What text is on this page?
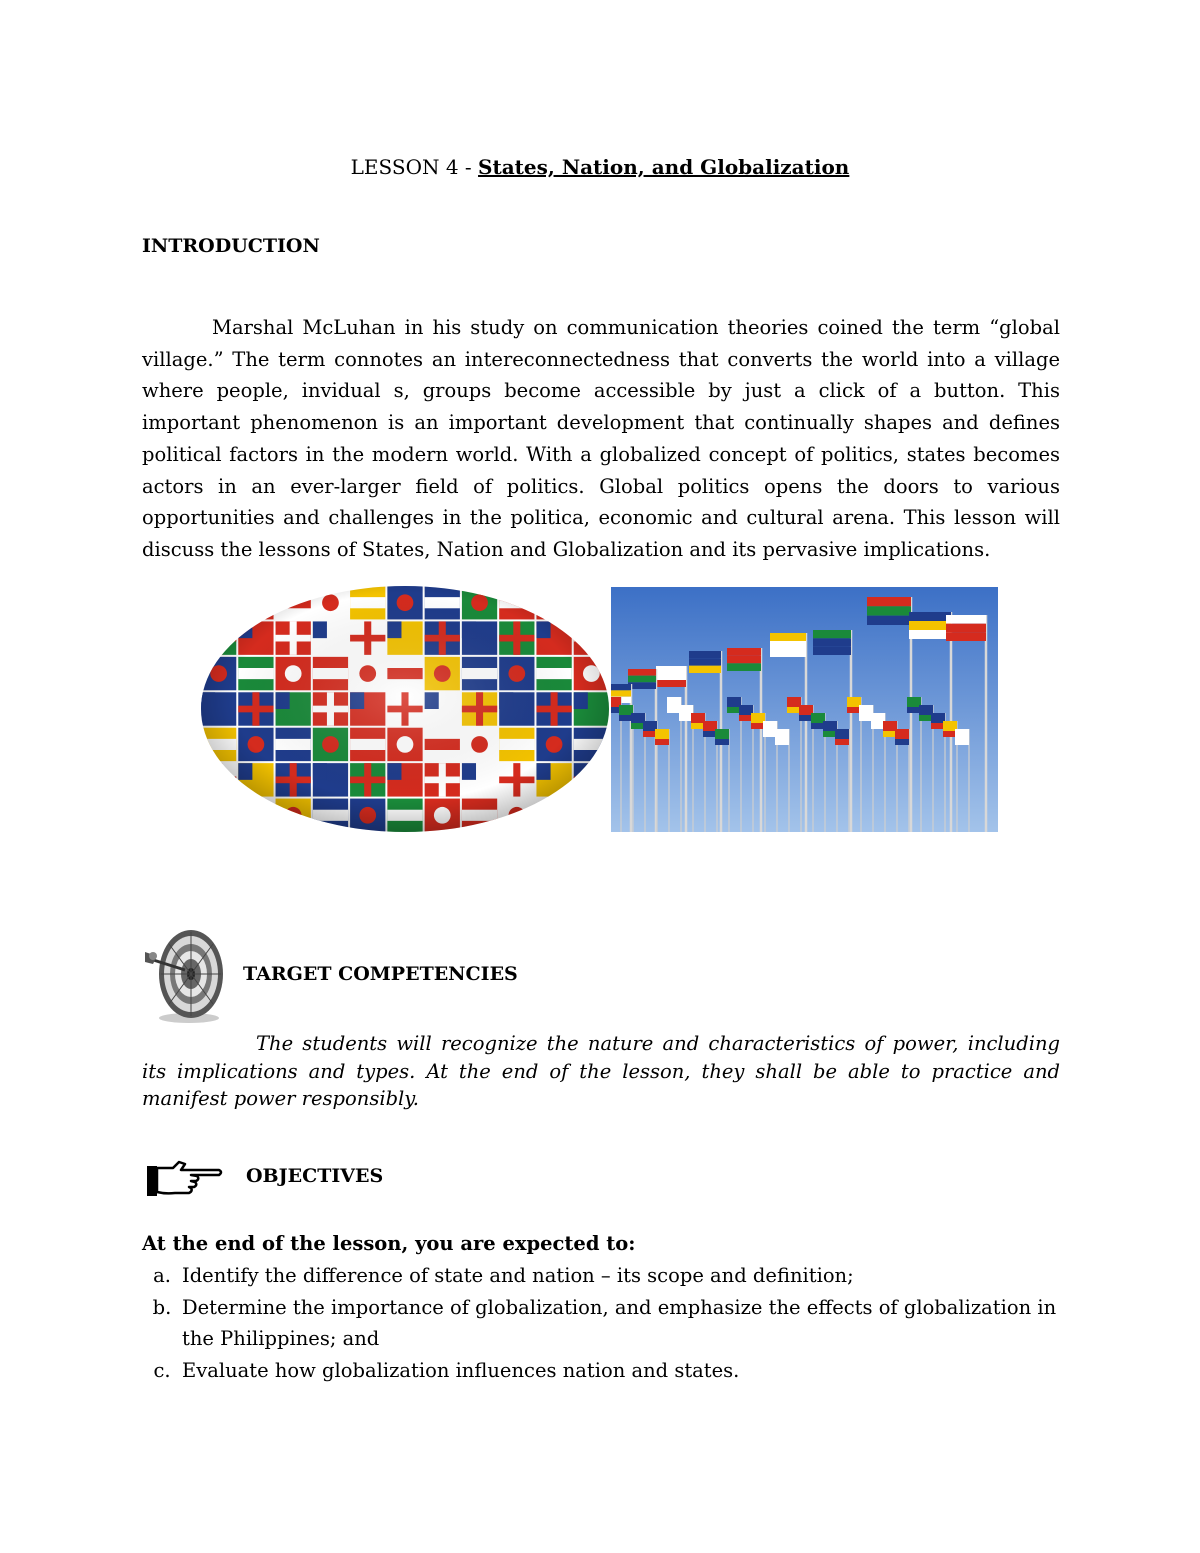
LESSON 4 - States, Nation, and Globalization
INTRODUCTION
Marshal McLuhan in his study on communication theories coined the term “global village.” The term connotes an intereconnectedness that converts the world into a village where people, invidual s, groups become accessible by just a click of a button. This important phenomenon is an important development that continually shapes and defines political factors in the modern world. With a globalized concept of politics, states becomes actors in an ever-larger field of politics. Global politics opens the doors to various opportunities and challenges in the politica, economic and cultural arena. This lesson will discuss the lessons of States, Nation and Globalization and its pervasive implications.
TARGET COMPETENCIES
The students will recognize the nature and characteristics of power, including its implications and types. At the end of the lesson, they shall be able to practice and manifest power responsibly.
OBJECTIVES
At the end of the lesson, you are expected to:
a. Identify the difference of state and nation – its scope and definition;
b. Determine the importance of globalization, and emphasize the effects of globalization in the Philippines; and
c. Evaluate how globalization influences nation and states.
